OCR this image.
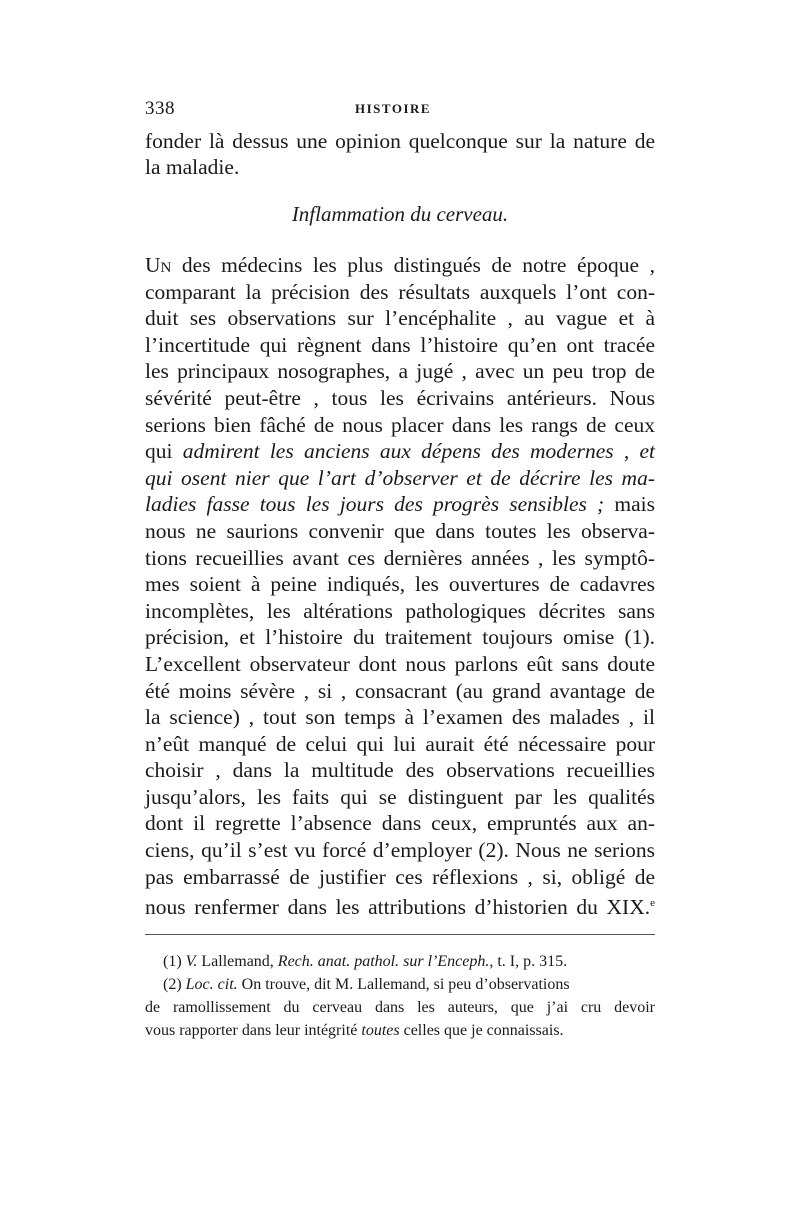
338	HISTOIRE
fonder là dessus une opinion quelconque sur la nature de
la maladie.
Inflammation du cerveau.
UN des médecins les plus distingués de notre époque ,
comparant la précision des résultats auxquels l’ont con-
duit ses observations sur l’encéphalite , au vague et à
l’incertitude qui règnent dans l’histoire qu’en ont tracée
les principaux nosographes, a jugé , avec un peu trop de
sévérité peut-être , tous les écrivains antérieurs. Nous
serions bien fâché de nous placer dans les rangs de ceux
qui admirent les anciens aux dépens des modernes , et
qui osent nier que l’art d’observer et de décrire les ma-
ladies fasse tous les jours des progrès sensibles ; mais
nous ne saurions convenir que dans toutes les observa-
tions recueillies avant ces dernières années , les symptô-
mes soient à peine indiqués, les ouvertures de cadavres
incomplètes, les altérations pathologiques décrites sans
précision, et l’histoire du traitement toujours omise (1).
L’excellent observateur dont nous parlons eût sans doute
été moins sévère , si , consacrant (au grand avantage de
la science) , tout son temps à l’examen des malades , il
n’eût manqué de celui qui lui aurait été nécessaire pour
choisir , dans la multitude des observations recueillies
jusqu’alors, les faits qui se distinguent par les qualités
dont il regrette l’absence dans ceux, empruntés aux an-
ciens, qu’il s’est vu forcé d’employer (2). Nous ne serions
pas embarrassé de justifier ces réflexions , si, obligé de
nous renfermer dans les attributions d’historien du XIX.$^e$
(1) V. Lallemand, Rech. anat. pathol. sur l’Enceph., t. I, p. 315.
(2) Loc. cit. On trouve, dit M. Lallemand, si peu d’observations
de ramollissement du cerveau dans les auteurs, que j’ai cru devoir
vous rapporter dans leur intégrité toutes celles que je connaissais.
